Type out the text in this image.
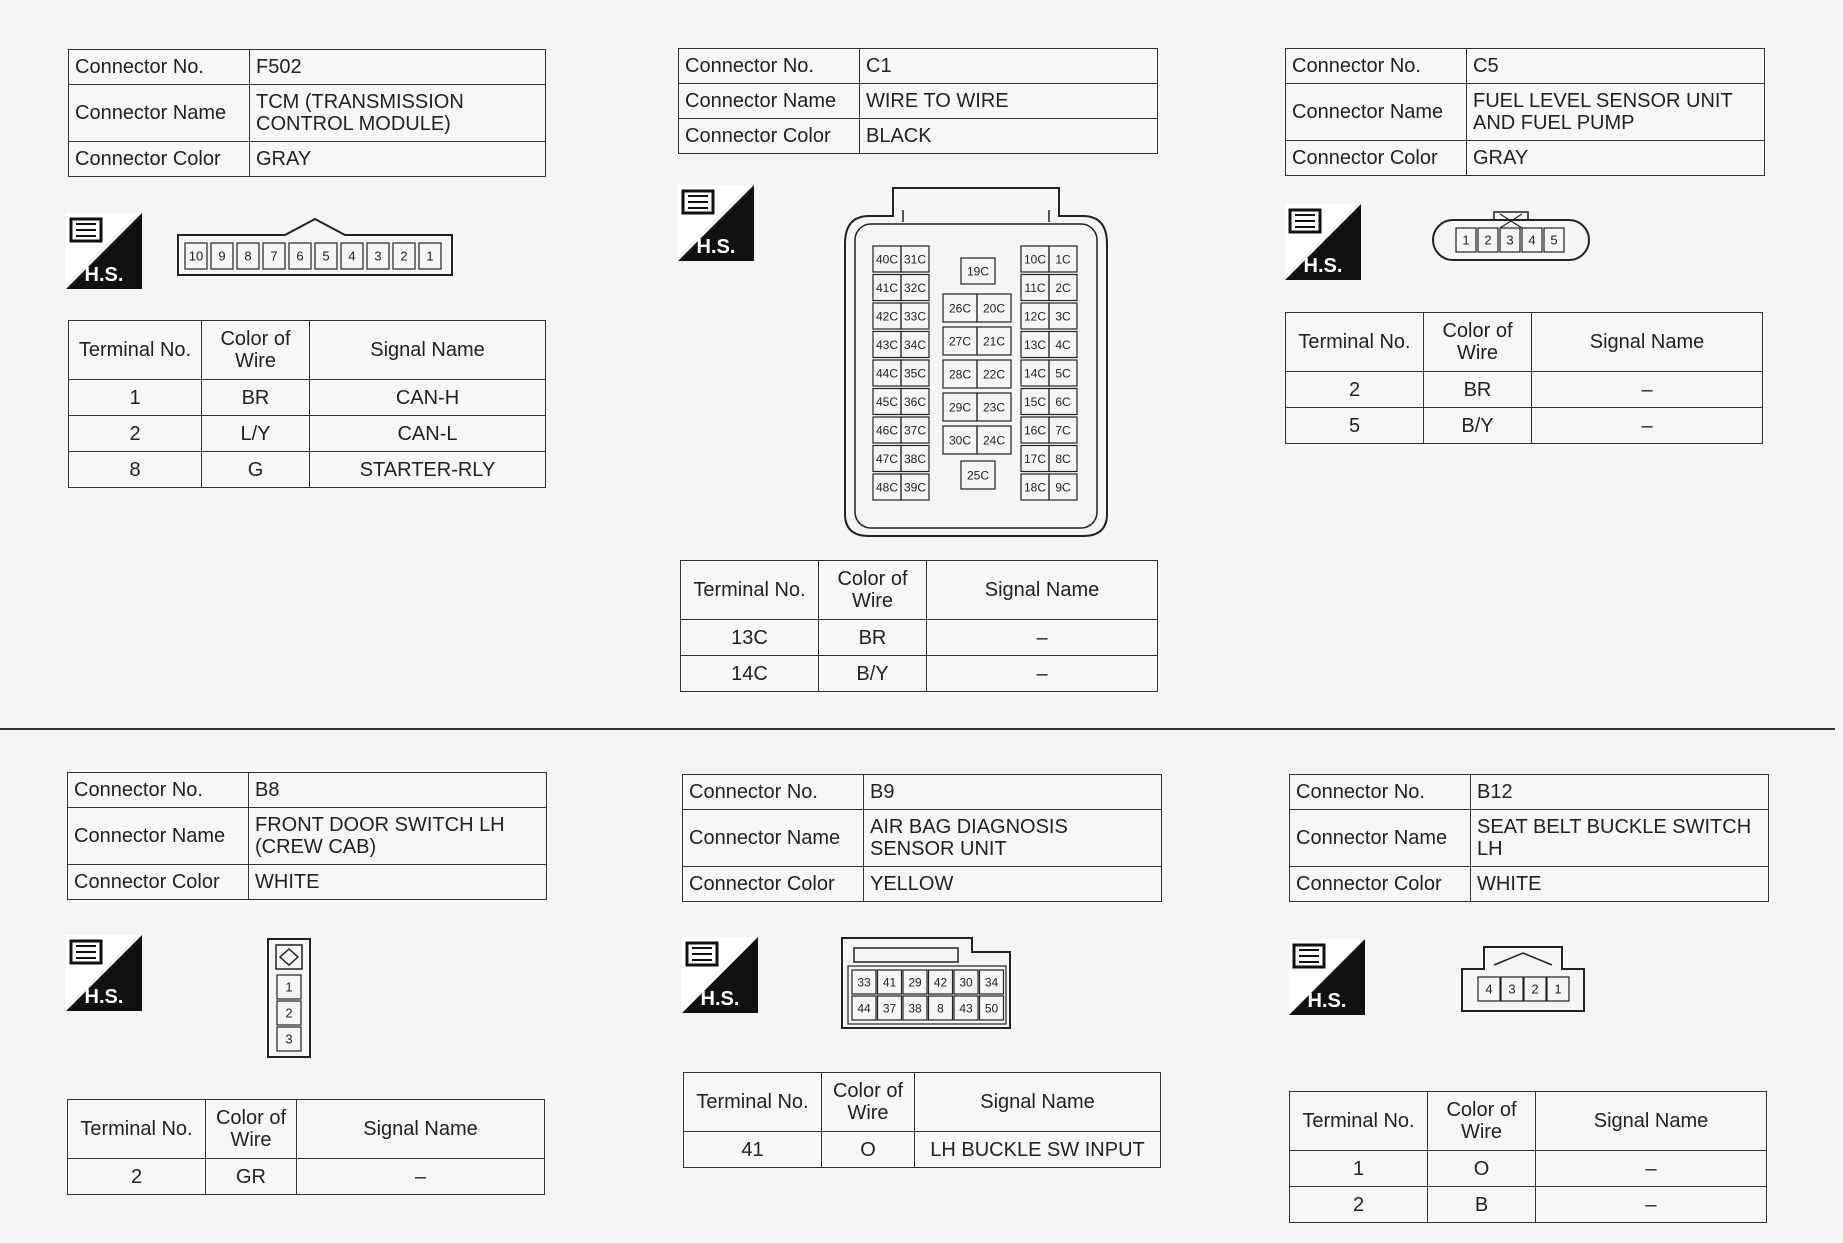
Connector No.	F502
Connector Name	TCM (TRANSMISSION CONTROL MODULE)
Connector Color	GRAY
H.S.
10 9 8 7 6 5 4 3 2 1
Terminal No.	Color of Wire	Signal Name
1	BR	CAN-H
2	L/Y	CAN-L
8	G	STARTER-RLY
Connector No.	C1
Connector Name	WIRE TO WIRE
Connector Color	BLACK
H.S.
40C 31C
41C 32C
42C 33C
43C 34C
44C 35C
45C 36C
46C 37C
47C 38C
48C 39C
10C 1C
11C 2C
12C 3C
13C 4C
14C 5C
15C 6C
16C 7C
17C 8C
18C 9C
19C
26C 20C
27C 21C
28C 22C
29C 23C
30C 24C
25C
Terminal No.	Color of Wire	Signal Name
13C	BR	–
14C	B/Y	–
Connector No.	C5
Connector Name	FUEL LEVEL SENSOR UNIT AND FUEL PUMP
Connector Color	GRAY
H.S.
1 2 3 4 5
Terminal No.	Color of Wire	Signal Name
2	BR	–
5	B/Y	–
Connector No.	B8
Connector Name	FRONT DOOR SWITCH LH (CREW CAB)
Connector Color	WHITE
H.S.	1
2
3
Terminal No.	Color of Wire	Signal Name
2	GR	–
Connector No.	B9
Connector Name	AIR BAG DIAGNOSIS SENSOR UNIT
Connector Color	YELLOW
H.S.
33 41 29 42 30 34
44 37 38 8 43 50
Terminal No.	Color of Wire	Signal Name
41	O	LH BUCKLE SW INPUT
Connector No.	B12
Connector Name	SEAT BELT BUCKLE SWITCH LH
Connector Color	WHITE
H.S.
4 3 2 1
Terminal No.	Color of Wire	Signal Name
1	O	–
2	B	–
